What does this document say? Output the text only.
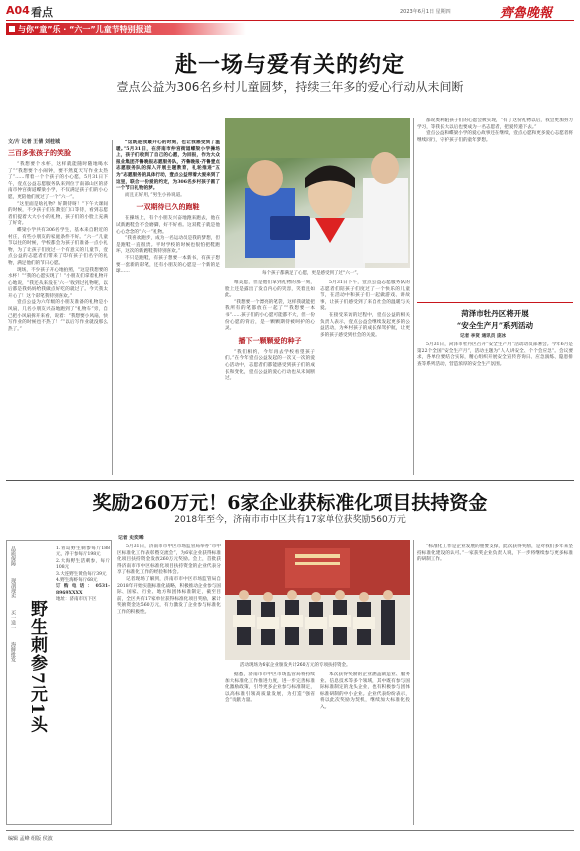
A04 看点	2023年6月1日 星期四	齊魯晚報
与你“童”乐 · “六一”儿童节特别报道
赴一场与爱有关的约定
壹点公益为306名乡村儿童圆梦，持续三年多的爱心行动从未间断
文/片 记者 王倩 刘桂城
每个孩子都满足了心愿，更是感受到了过“六一”。
三百多张孩子的笑脸

“我想要个水杯，这样就能随时随地喝水了”“我想要个小闹钟，要不然夏天写作业太热了”……带着一个个孩子的小心愿，5月31日下午，壹点公益志愿服务队来到位于南部山区的济南市仲宫街道蝶梁小学，不仅满足孩子们的小心愿，更陪他们度过了一个“六一”。

“这里面是啥礼物？好期待呀！”下午大课间的时候，不少孩子们在教室门口等待，看到志愿者们提着大大小小的礼物，孩子们的小脸上充满了好奇。

蝶梁小学共有306名学生，基本来自附近的村庄，有些小朋友的家庭条件不好。“六一”儿童节以往的时候，学校都会为孩子们准备一点小礼物，为了让孩子们度过一个有意义的儿童节，壹点公益的志愿者们带来了印有孩子们名字的礼物，满足他们的节日心愿。

现场，不少孩子开心地拍照，“这是我想要的水杯！”“我的心愿实现了！”小朋友们拿着礼物开心地说，“我还从来没在‘六一’收到过礼物呢，以后都是我妈妈给我做点好吃的就过了。今天我太开心了！这个彩笔我特别喜欢。”

壹点公益为六年级的小朋友准备的礼物是小风扇，几名小朋友兴奋地跑到了“礼物车”旁，自己把小风扇拆开来看，说着：“我想要小风扇，快写作业的时候也不热了！”“以后写作业就没那么热了。”

“这既是我最开心的时刻，也让我感受到了温暖。”5月31日，在济南市仲宫街道蝶梁小学操场上，孩子们收到了自己的心愿，为回报，作为大众报业集团齐鲁晚报志愿服务队，齐鲁晚报·齐鲁壹点志愿服务队的深入开展主题教育，礼轮推进“五为”志愿服务的具体行动，壹点公益带着大爱来到了这里，联合一份爱的约定，为306名乡村孩子圆了一个节日礼物的梦。

而且正好用，”男生小孙说道。

一双期待已久的跑鞋

在操场上，有个小朋友兴奋地跑来跑去，他在试新跑鞋会不会磨脚，好不好看。这双鞋子就是他心心念念的“六一”礼物。

“我喜欢跑步，成为一名运动员是我的梦想，但是跑鞋一直很贵。平时学校的时候也很怕把鞋跑坏，这次的新跑鞋我特别喜欢。”

不只是跑鞋，有孩子想要一本新书，有孩子想要一套新的彩笔，还有小朋友的心愿是一个新的足球……

唯美愿，但是他们拿到礼物的那一刻，脸上还是露出了发自内心的笑容，笑着且如此。

“我想要一个漂亮的笔袋，这样我就能把我所有的笔都放在一起了”“我想要一本书”……孩子们的小心愿可能都不大，但一份份心愿的背后，是一颗颗期待被呵护的心灵。

播下一颗颗爱的种子

“我们相约，今年再去学校看望孩子们。”在今年壹点公益发起的一次又一次的爱心活动中，志愿者们都能感受到孩子们的成长和变化，壹点公益的爱心行动也从未间断过。

5月31日下午，壹点公益志愿服务队的志愿者们陪孩子们度过了一个快乐的儿童节，在活动中和孩子们一起做游戏、讲故事，让孩子们感受到了来自社会的温暖与关爱。

在接受采访的过程中，壹点公益的相关负责人表示，壹点公益会继续发起更多的公益活动，为乡村孩子的成长保驾护航，让更多的孩子感受到社会的关爱。

都说奥利阻孩子们的心愿会被实现，“有了这份礼物以后，我会更加努力学习，等我长大以后也要成为一名志愿者，把爱传递下去。”

壹点公益和蝶梁小学的爱心故事还在继续，壹点心愿和更多爱心志愿者将继续同行，守护孩子们的童年梦想。

菏泽市牡丹区将开展
“安全生产月”系列活动
记者 李贤 通讯员 庞冰

5月31日，菏泽市牡丹区召开“安全生产月”活动动员部署会。今年6月是第22个全国“安全生产月”，活动主题为“人人讲安全、个个会应急”。会议要求，各单位要结合实际，精心组织开展安全宣传咨询日、应急演练、隐患排查等系列活动，营造浓厚的安全生产氛围。

奖励260万元！6家企业获标准化项目扶持资金
2018年至今，济南市市中区共有17家单位获奖励560万元
记者 史奕晞
活动现场为6家企业颁发共计260万元的专项扶持资金。
野生刺参7元1头
品质保障
现剖现卖
买一送一
海鲜批发
1.青岛野生刺参每斤188元，净干参每斤198元
2.大海野生活刺参，每斤108元
3.大连野生黄鱼每斤39元
4.野生海虾每斤68元
订购电话：0531-8969XXXX
地址：济南市历下区

5月31日，济南市市中区市场监管局举办“市中区标准化工作表彰暨交流会”，为6家企业获得标准化项目扶持资金发放260万元奖励。会上，首批获得济南市市中区标准化项目扶持资金的企业代表分享了标准化工作的经验和体会。

记者现场了解到，济南市市中区市场监管局自2018年开始实施标准化战略，积极推动企业参与国际、国家、行业、地方和团体标准制定，截至目前，全区共有17家单位获得标准化项目奖励，累计奖励资金达560万元，有力激发了企业参与标准化工作的积极性。

据悉，济南市市中区市场监管局将持续加大标准化工作推进力度，进一步完善标准化激励政策，引导更多企业参与标准制定，以高标准引领高质量发展，为打造“强省会”贡献力量。

本次获得奖励的企业涵盖制造业、服务业、信息技术等多个领域，其中既有参与国际标准制定的龙头企业，也有积极参与团体标准研制的中小企业。企业代表纷纷表示，将以此次奖励为契机，继续加大标准化投入。

“标准化工作是企业发展的重要支撑，此次获得奖励，是对我们多年来坚持标准化建设的认可。”一家获奖企业负责人说，下一步将继续参与更多标准的研制工作。

编辑 孟峰 组版 侯波
